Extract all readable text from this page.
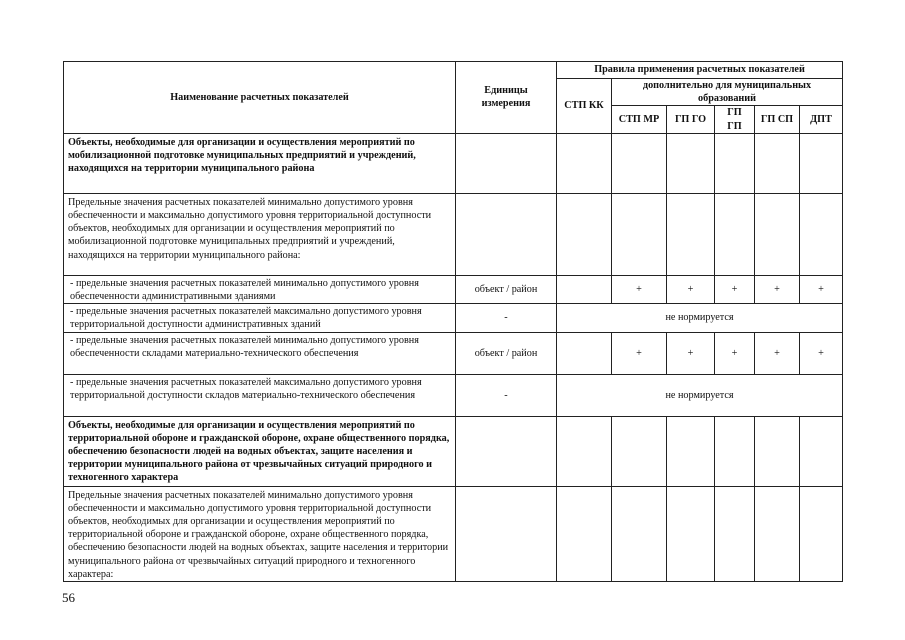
Наименование расчетных показателей	Единицы измерения	Правила применения расчетных показателей					
		СТП КК	дополнительно для муниципальных образований				
			СТП МР	ГП ГО	ГП ГП	ГП СП	ДПТ
Объекты, необходимые для организации и осуществления мероприятий по мобилизационной подготовке муниципальных предприятий и учреждений, находящихся на территории муниципального района							
Предельные значения расчетных показателей минимально допустимого уровня обеспеченности и максимально допустимого уровня территориальной доступности объектов, необходимых для организации и осуществления мероприятий по мобилизационной подготовке муниципальных предприятий и учреждений, находящихся на территории муниципального района:							
- предельные значения расчетных показателей минимально допустимого уровня обеспеченности административными зданиями	объект / район		+	+	+	+	+
- предельные значения расчетных показателей максимально допустимого уровня территориальной доступности административных зданий	-	не нормируется					
- предельные значения расчетных показателей минимально допустимого уровня обеспеченности складами материально-технического обеспечения	объект / район		+	+	+	+	+
- предельные значения расчетных показателей максимально допустимого уровня территориальной доступности складов материально-технического обеспечения	-	не нормируется					
Объекты, необходимые для организации и осуществления мероприятий по территориальной обороне и гражданской обороне, охране общественного порядка, обеспечению безопасности людей на водных объектах, защите населения и территории муниципального района от чрезвычайных ситуаций природного и техногенного характера							
Предельные значения расчетных показателей минимально допустимого уровня обеспеченности и максимально допустимого уровня территориальной доступности объектов, необходимых для организации и осуществления мероприятий по территориальной обороне и гражданской обороне, охране общественного порядка, обеспечению безопасности людей на водных объектах, защите населения и территории муниципального района от чрезвычайных ситуаций природного и техногенного характера:							
56
